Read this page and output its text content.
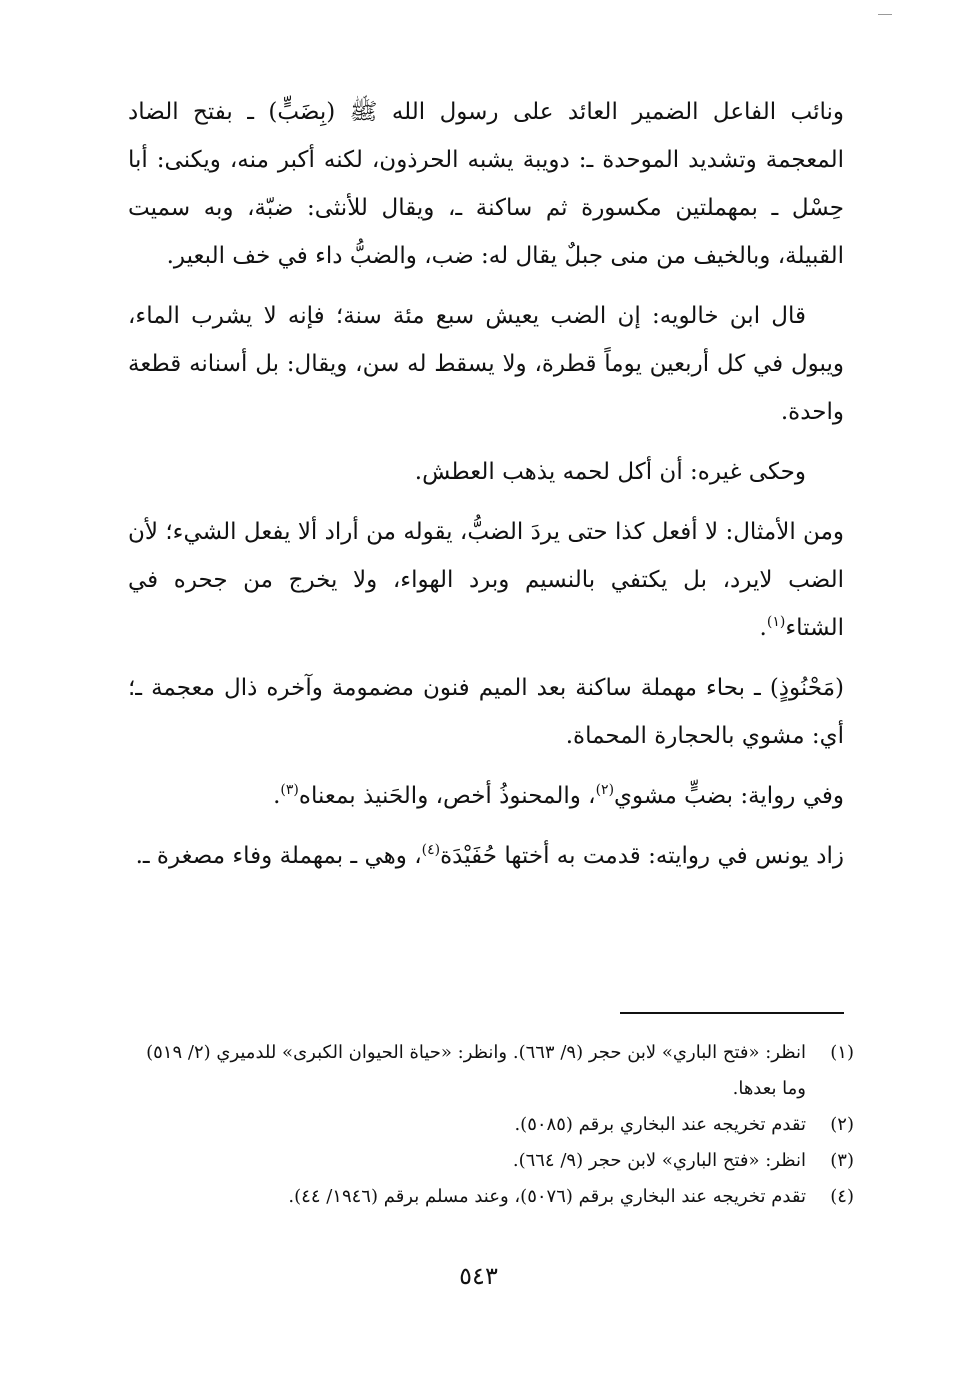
ونائب الفاعل الضمير العائد على رسول الله ﷺ (بِضَبٍّ) ـ بفتح الضاد المعجمة وتشديد الموحدة ـ: دويبة يشبه الحرذون، لكنه أكبر منه، ويكنى: أبا حِسْل ـ بمهملتين مكسورة ثم ساكنة ـ، ويقال للأنثى: ضبّة، وبه سميت القبيلة، وبالخيف من منى جبلٌ يقال له: ضب، والضبُّ داء في خف البعير.

قال ابن خالويه: إن الضب يعيش سبع مئة سنة؛ فإنه لا يشرب الماء، ويبول في كل أربعين يوماً قطرة، ولا يسقط له سن، ويقال: بل أسنانه قطعة واحدة.

وحكى غيره: أن أكل لحمه يذهب العطش.

ومن الأمثال: لا أفعل كذا حتى يردَ الضبُّ، يقوله من أراد ألا يفعل الشيء؛ لأن الضب لايرد، بل يكتفي بالنسيم وبرد الهواء، ولا يخرج من جحره في الشتاء$^{(١)}$.

(مَحْنُوذٍ) ـ بحاء مهملة ساكنة بعد الميم فنون مضمومة وآخره ذال معجمة ـ؛ أي: مشوي بالحجارة المحماة.

وفي رواية: بضبٍّ مشوي$^{(٢)}$، والمحنوذُ أخص، والحَنيذ بمعناه$^{(٣)}$.

زاد يونس في روايته: قدمت به أختها حُفَيْدَة$^{(٤)}$، وهي ـ بمهملة وفاء مصغرة ـ.

(١)
انظر: «فتح الباري» لابن حجر (٩/ ٦٦٣). وانظر: «حياة الحيوان الكبرى» للدميري (٢/ ٥١٩) وما بعدها.
(٢)
تقدم تخريجه عند البخاري برقم (٥٠٨٥).
(٣)
انظر: «فتح الباري» لابن حجر (٩/ ٦٦٤).
(٤)
تقدم تخريجه عند البخاري برقم (٥٠٧٦)، وعند مسلم برقم (١٩٤٦/ ٤٤).
٥٤٣
